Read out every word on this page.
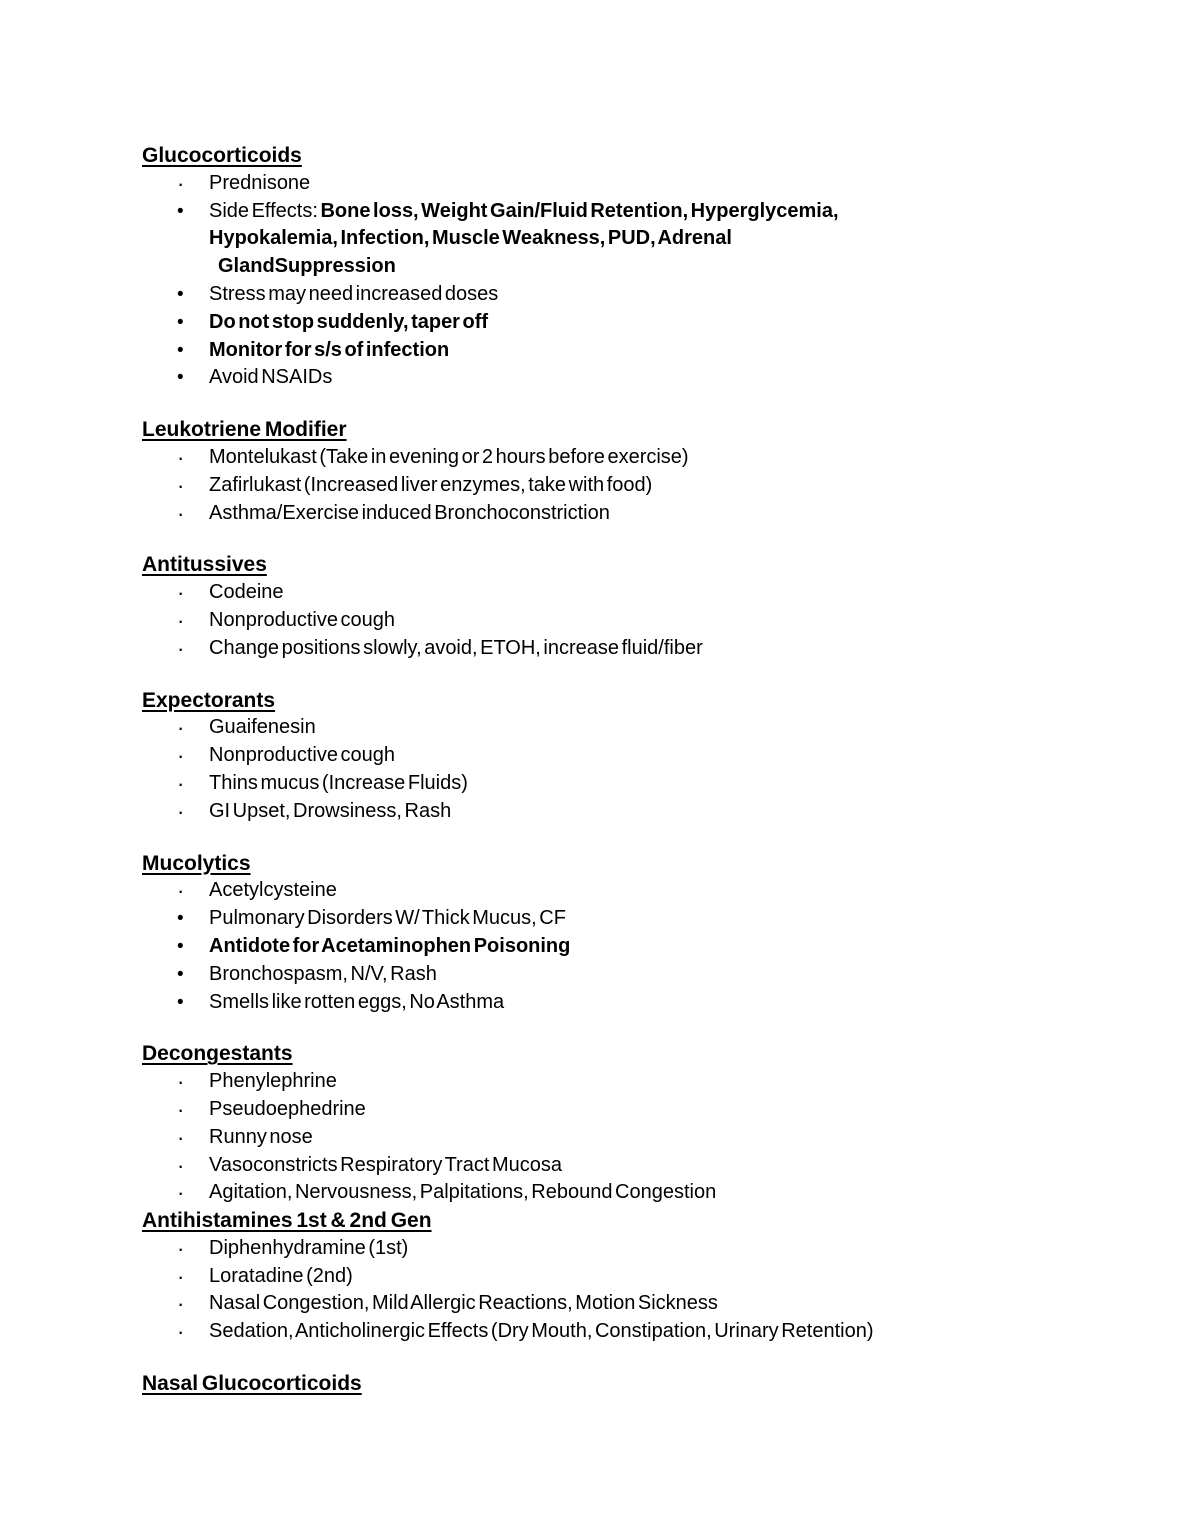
Glucocorticoids
·	Prednisone
•	Side Effects: Bone loss, Weight Gain/Fluid Retention, Hyperglycemia,
Hypokalemia, Infection, Muscle Weakness, PUD, Adrenal
GlandSuppression
•	Stress may need increased doses
•	Do not stop suddenly, taper off
•	Monitor for s/s of infection
•	Avoid NSAIDs
Leukotriene Modifier
·	Montelukast (Take in evening or 2 hours before exercise)
·	Zafirlukast (Increased liver enzymes, take with food)
·	Asthma/Exercise induced Bronchoconstriction
Antitussives
·	Codeine
·	Nonproductive cough
·	Change positions slowly, avoid, ETOH, increase fluid/fiber
Expectorants
·	Guaifenesin
·	Nonproductive cough
·	Thins mucus (Increase Fluids)
·	GI Upset, Drowsiness, Rash
Mucolytics
·	Acetylcysteine
•	Pulmonary Disorders W/ Thick Mucus, CF
•	Antidote for Acetaminophen Poisoning
•	Bronchospasm, N/V, Rash
•	Smells like rotten eggs, No Asthma
Decongestants
·	Phenylephrine
·	Pseudoephedrine
·	Runny nose
·	Vasoconstricts Respiratory Tract Mucosa
·	Agitation, Nervousness, Palpitations, Rebound Congestion
Antihistamines 1st & 2nd Gen
·	Diphenhydramine (1st)
·	Loratadine (2nd)
·	Nasal Congestion, Mild Allergic Reactions, Motion Sickness
·	Sedation, Anticholinergic Effects (Dry Mouth, Constipation, Urinary Retention)
Nasal Glucocorticoids
